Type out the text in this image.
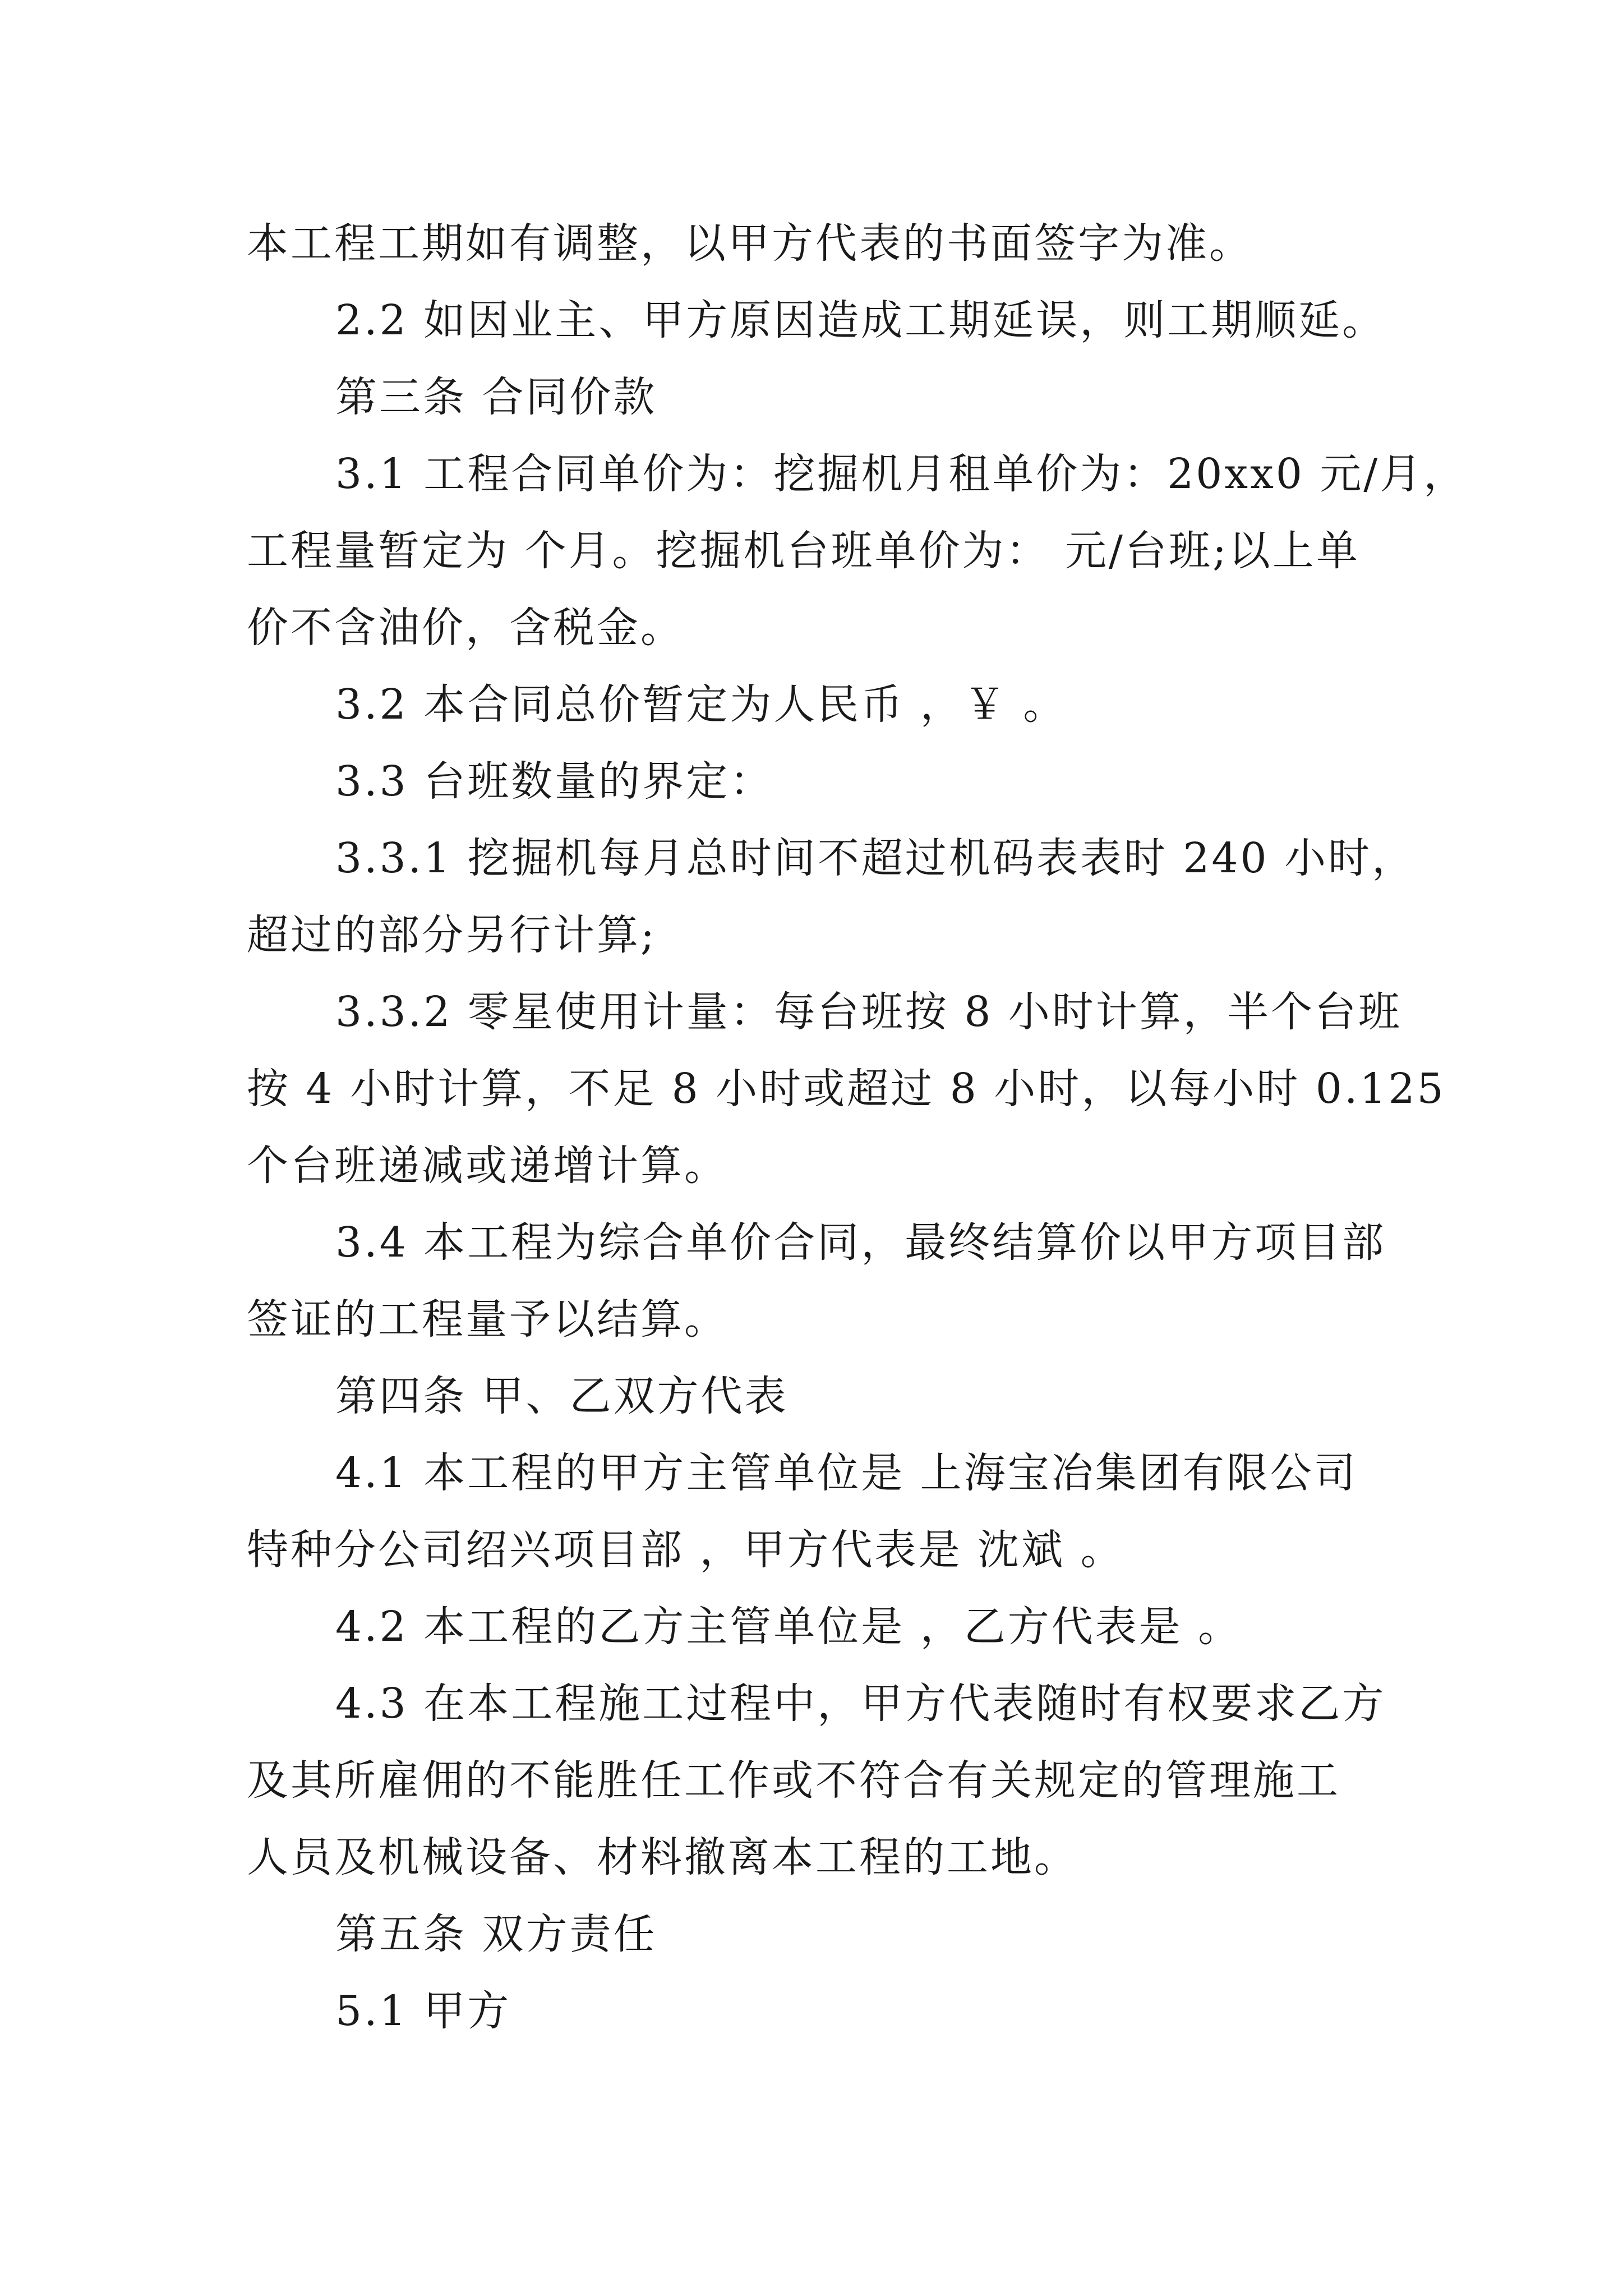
本工程工期如有调整，以甲方代表的书面签字为准。
2.2 如因业主、甲方原因造成工期延误，则工期顺延。
第三条 合同价款
3.1 工程合同单价为：挖掘机月租单价为：20xx0 元/月，
工程量暂定为 个月。挖掘机台班单价为： 元/台班;以上单
价不含油价，含税金。
3.2 本合同总价暂定为人民币 ，￥ 。
3.3 台班数量的界定：
3.3.1 挖掘机每月总时间不超过机码表表时 240 小时，
超过的部分另行计算;
3.3.2 零星使用计量：每台班按 8 小时计算，半个台班
按 4 小时计算，不足 8 小时或超过 8 小时，以每小时 0.125
个台班递减或递增计算。
3.4 本工程为综合单价合同，最终结算价以甲方项目部
签证的工程量予以结算。
第四条 甲、乙双方代表
4.1 本工程的甲方主管单位是 上海宝冶集团有限公司
特种分公司绍兴项目部 ，甲方代表是 沈斌 。
4.2 本工程的乙方主管单位是 ，乙方代表是 。
4.3 在本工程施工过程中，甲方代表随时有权要求乙方
及其所雇佣的不能胜任工作或不符合有关规定的管理施工
人员及机械设备、材料撤离本工程的工地。
第五条 双方责任
5.1 甲方
